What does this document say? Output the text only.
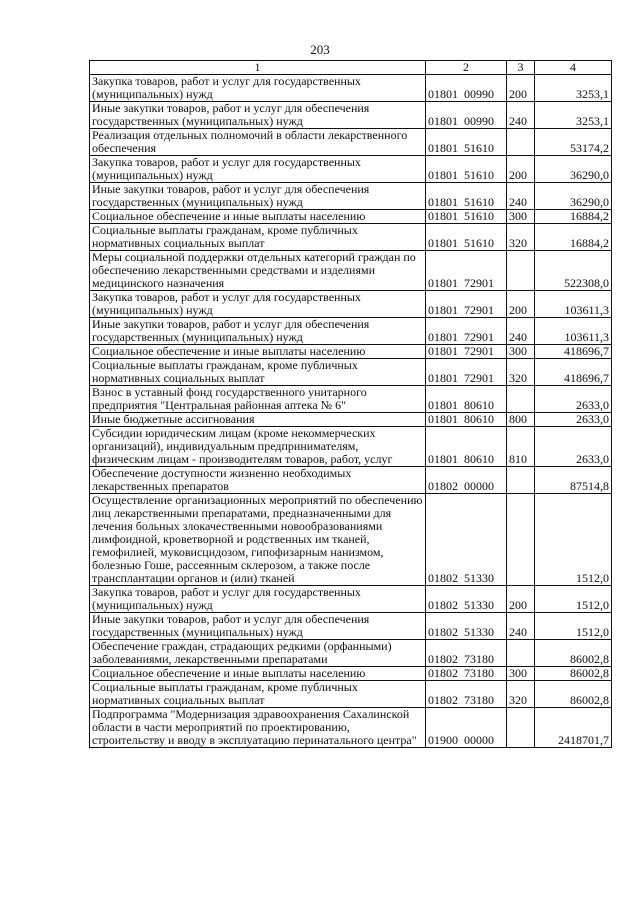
203
1	2	3	4
Закупка товаров, работ и услуг для государственных (муниципальных) нужд	01801 00990	200	3253,1
Иные закупки товаров, работ и услуг для обеспечения государственных (муниципальных) нужд	01801 00990	240	3253,1
Реализация отдельных полномочий в области лекарственного обеспечения	01801 51610		53174,2
Закупка товаров, работ и услуг для государственных (муниципальных) нужд	01801 51610	200	36290,0
Иные закупки товаров, работ и услуг для обеспечения государственных (муниципальных) нужд	01801 51610	240	36290,0
Социальное обеспечение и иные выплаты населению	01801 51610	300	16884,2
Социальные выплаты гражданам, кроме публичных нормативных социальных выплат	01801 51610	320	16884,2
Меры социальной поддержки отдельных категорий граждан по обеспечению лекарственными средствами и изделиями медицинского назначения	01801 72901		522308,0
Закупка товаров, работ и услуг для государственных (муниципальных) нужд	01801 72901	200	103611,3
Иные закупки товаров, работ и услуг для обеспечения государственных (муниципальных) нужд	01801 72901	240	103611,3
Социальное обеспечение и иные выплаты населению	01801 72901	300	418696,7
Социальные выплаты гражданам, кроме публичных нормативных социальных выплат	01801 72901	320	418696,7
Взнос в уставный фонд государственного унитарного предприятия "Центральная районная аптека № 6"	01801 80610		2633,0
Иные бюджетные ассигнования	01801 80610	800	2633,0
Субсидии юридическим лицам (кроме некоммерческих организаций), индивидуальным предпринимателям, физическим лицам - производителям товаров, работ, услуг	01801 80610	810	2633,0
Обеспечение доступности жизненно необходимых лекарственных препаратов	01802 00000		87514,8
Осуществление организационных мероприятий по обеспечению лиц лекарственными препаратами, предназначенными для лечения больных злокачественными новообразованиями лимфоидной, кроветворной и родственных им тканей, гемофилией, муковисцидозом, гипофизарным нанизмом, болезнью Гоше, рассеянным склерозом, а также после трансплантации органов и (или) тканей	01802 51330		1512,0
Закупка товаров, работ и услуг для государственных (муниципальных) нужд	01802 51330	200	1512,0
Иные закупки товаров, работ и услуг для обеспечения государственных (муниципальных) нужд	01802 51330	240	1512,0
Обеспечение граждан, страдающих редкими (орфанными) заболеваниями, лекарственными препаратами	01802 73180		86002,8
Социальное обеспечение и иные выплаты населению	01802 73180	300	86002,8
Социальные выплаты гражданам, кроме публичных нормативных социальных выплат	01802 73180	320	86002,8
Подпрограмма "Модернизация здравоохранения Сахалинской области в части мероприятий по проектированию, строительству и вводу в эксплуатацию перинатального центра"	01900 00000		2418701,7
